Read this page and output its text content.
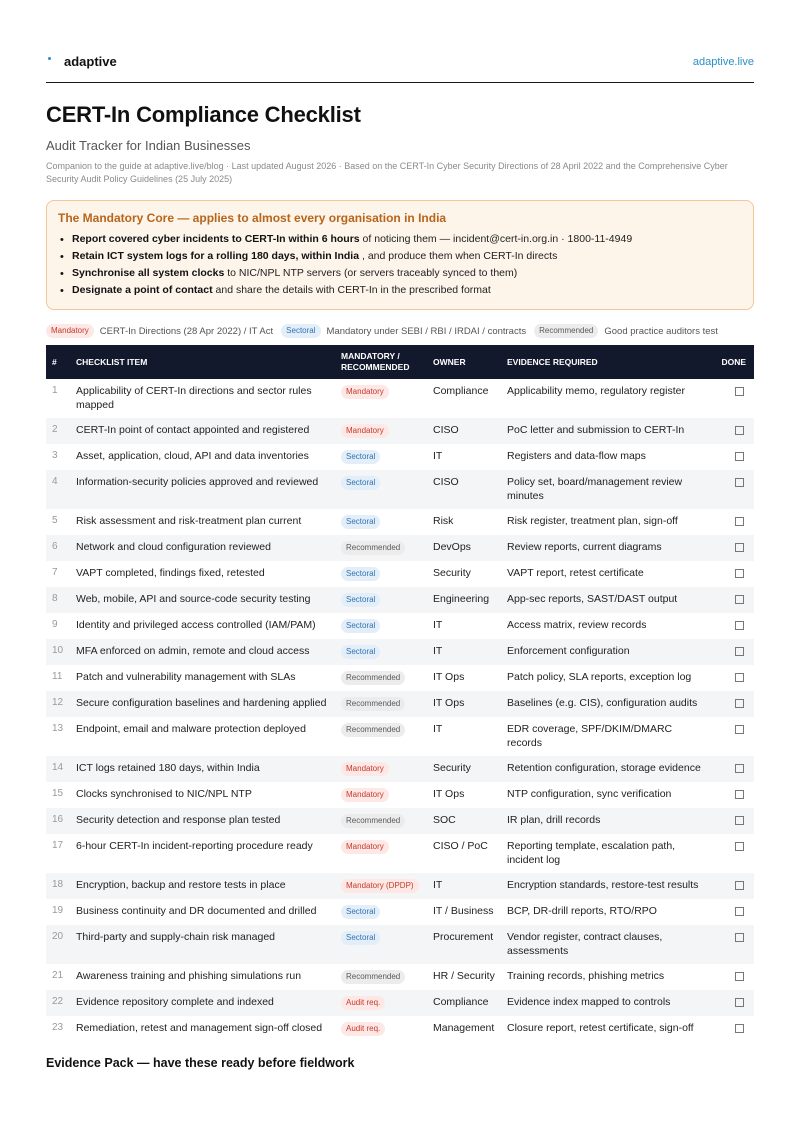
adaptive	adaptive.live
CERT-In Compliance Checklist
Audit Tracker for Indian Businesses
Companion to the guide at adaptive.live/blog · Last updated August 2026 · Based on the CERT-In Cyber Security Directions of 28 April 2022 and the Comprehensive Cyber Security Audit Policy Guidelines (25 July 2025)
The Mandatory Core — applies to almost every organisation in India
• Report covered cyber incidents to CERT-In within 6 hours of noticing them — incident@cert-in.org.in · 1800-11-4949
• Retain ICT system logs for a rolling 180 days, within India , and produce them when CERT-In directs
• Synchronise all system clocks to NIC/NPL NTP servers (or servers traceably synced to them)
• Designate a point of contact and share the details with CERT-In in the prescribed format
Mandatory	CERT-In Directions (28 Apr 2022) / IT Act	Sectoral	Mandatory under SEBI / RBI / IRDAI / contracts	Recommended	Good practice auditors test
#	CHECKLIST ITEM	MANDATORY / RECOMMENDED	OWNER	EVIDENCE REQUIRED	DONE
1	Applicability of CERT-In directions and sector rules mapped	Mandatory	Compliance	Applicability memo, regulatory register	
2	CERT-In point of contact appointed and registered	Mandatory	CISO	PoC letter and submission to CERT-In	
3	Asset, application, cloud, API and data inventories	Sectoral	IT	Registers and data-flow maps	
4	Information-security policies approved and reviewed	Sectoral	CISO	Policy set, board/management review minutes	
5	Risk assessment and risk-treatment plan current	Sectoral	Risk	Risk register, treatment plan, sign-off	
6	Network and cloud configuration reviewed	Recommended	DevOps	Review reports, current diagrams	
7	VAPT completed, findings fixed, retested	Sectoral	Security	VAPT report, retest certificate	
8	Web, mobile, API and source-code security testing	Sectoral	Engineering	App-sec reports, SAST/DAST output	
9	Identity and privileged access controlled (IAM/PAM)	Sectoral	IT	Access matrix, review records	
10	MFA enforced on admin, remote and cloud access	Sectoral	IT	Enforcement configuration	
11	Patch and vulnerability management with SLAs	Recommended	IT Ops	Patch policy, SLA reports, exception log	
12	Secure configuration baselines and hardening applied	Recommended	IT Ops	Baselines (e.g. CIS), configuration audits	
13	Endpoint, email and malware protection deployed	Recommended	IT	EDR coverage, SPF/DKIM/DMARC records	
14	ICT logs retained 180 days, within India	Mandatory	Security	Retention configuration, storage evidence	
15	Clocks synchronised to NIC/NPL NTP	Mandatory	IT Ops	NTP configuration, sync verification	
16	Security detection and response plan tested	Recommended	SOC	IR plan, drill records	
17	6-hour CERT-In incident-reporting procedure ready	Mandatory	CISO / PoC	Reporting template, escalation path, incident log	
18	Encryption, backup and restore tests in place	Mandatory (DPDP)	IT	Encryption standards, restore-test results	
19	Business continuity and DR documented and drilled	Sectoral	IT / Business	BCP, DR-drill reports, RTO/RPO	
20	Third-party and supply-chain risk managed	Sectoral	Procurement	Vendor register, contract clauses, assessments	
21	Awareness training and phishing simulations run	Recommended	HR / Security	Training records, phishing metrics	
22	Evidence repository complete and indexed	Audit req.	Compliance	Evidence index mapped to controls	
23	Remediation, retest and management sign-off closed	Audit req.	Management	Closure report, retest certificate, sign-off	
Evidence Pack — have these ready before fieldwork
